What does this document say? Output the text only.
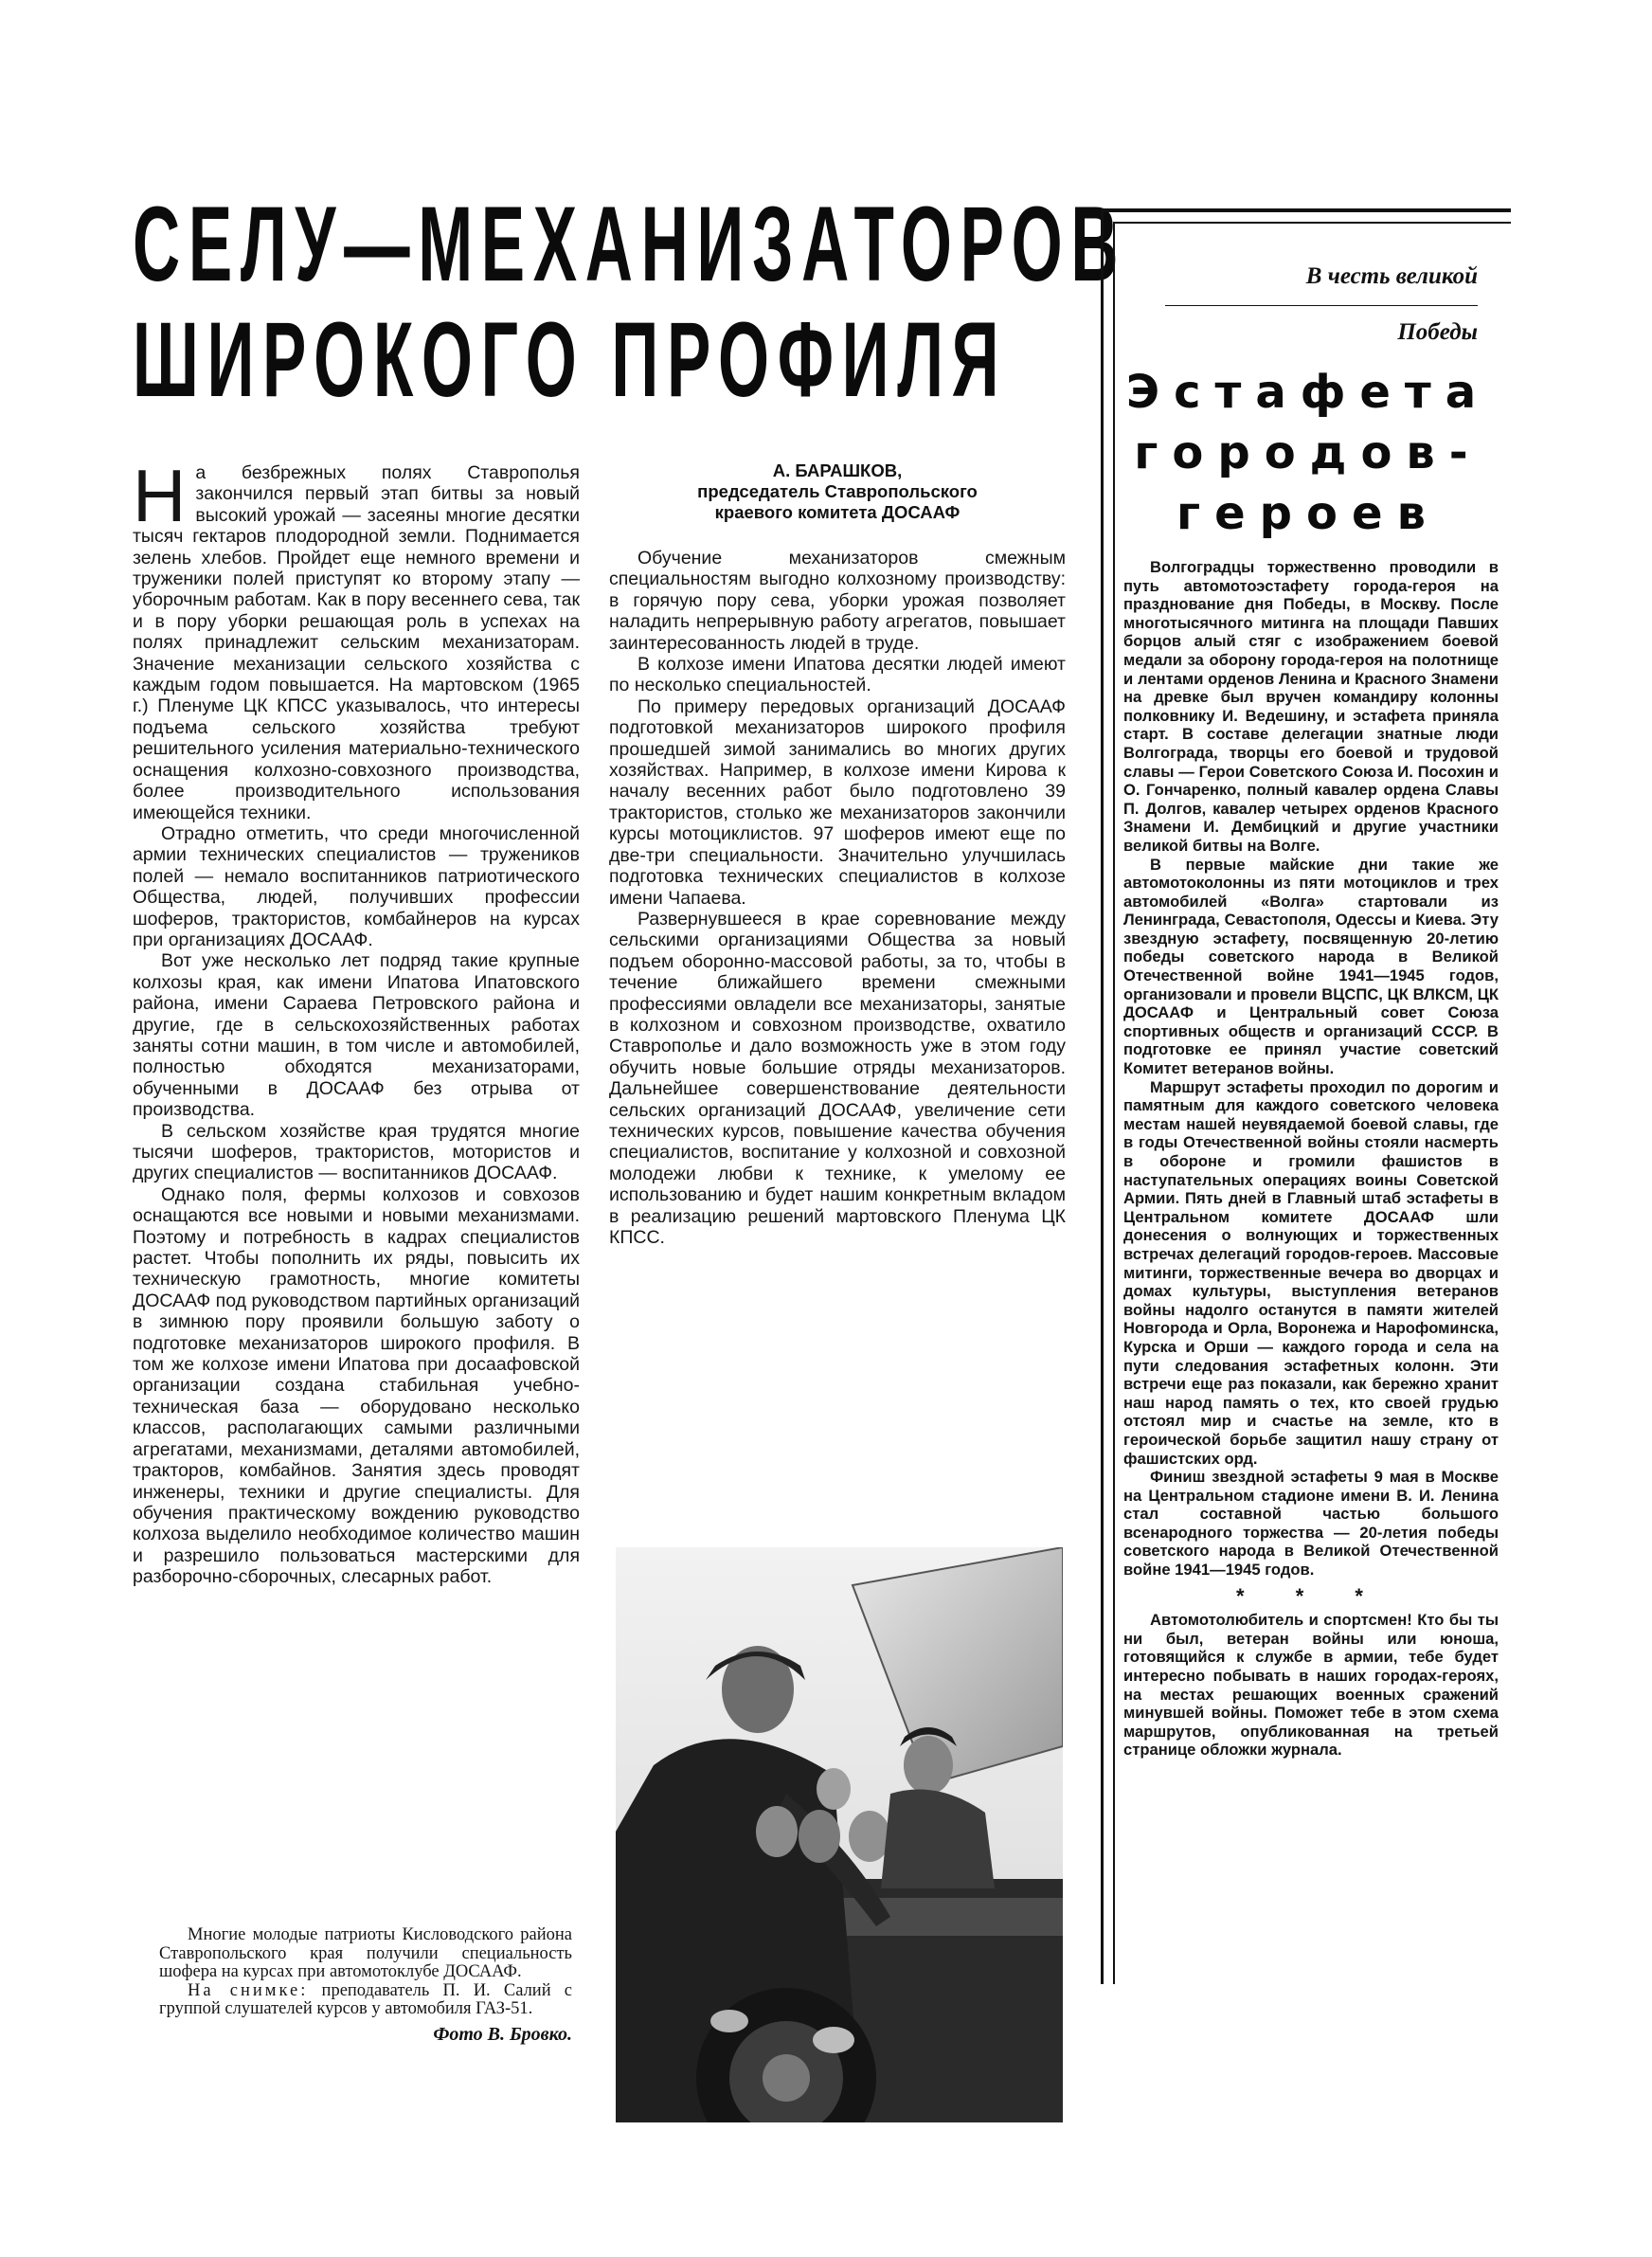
СЕЛУ—МЕХАНИЗАТОРОВ
ШИРОКОГО ПРОФИЛЯ

На безбрежных полях Ставрополья закончился первый этап битвы за новый высокий урожай — засеяны многие десятки тысяч гектаров плодородной земли. Поднимается зелень хлебов. Пройдет еще немного времени и труженики полей приступят ко второму этапу — уборочным работам. Как в пору весеннего сева, так и в пору уборки решающая роль в успехах на полях принадлежит сельским механизаторам. Значение механизации сельского хозяйства с каждым годом повышается. На мартовском (1965 г.) Пленуме ЦК КПСС указывалось, что интересы подъема сельского хозяйства требуют решительного усиления материально-технического оснащения колхозно-совхозного производства, более производительного использования имеющейся техники.

Отрадно отметить, что среди многочисленной армии технических специалистов — тружеников полей — немало воспитанников патриотического Общества, людей, получивших профессии шоферов, трактористов, комбайнеров на курсах при организациях ДОСААФ.

Вот уже несколько лет подряд такие крупные колхозы края, как имени Ипатова Ипатовского района, имени Сараева Петровского района и другие, где в сельскохозяйственных работах заняты сотни машин, в том числе и автомобилей, полностью обходятся механизаторами, обученными в ДОСААФ без отрыва от производства.

В сельском хозяйстве края трудятся многие тысячи шоферов, трактористов, мотористов и других специалистов — воспитанников ДОСААФ.

Однако поля, фермы колхозов и совхозов оснащаются все новыми и новыми механизмами. Поэтому и потребность в кадрах специалистов растет. Чтобы пополнить их ряды, повысить их техническую грамотность, многие комитеты ДОСААФ под руководством партийных организаций в зимнюю пору проявили большую заботу о подготовке механизаторов широкого профиля. В том же колхозе имени Ипатова при досаафовской организации создана стабильная учебно-техническая база — оборудовано несколько классов, располагающих самыми различными агрегатами, механизмами, деталями автомобилей, тракторов, комбайнов. Занятия здесь проводят инженеры, техники и другие специалисты. Для обучения практическому вождению руководство колхоза выделило необходимое количество машин и разрешило пользоваться мастерскими для разборочно-сборочных, слесарных работ.

А. БАРАШКОВ,
председатель Ставропольского краевого комитета ДОСААФ

Обучение механизаторов смежным специальностям выгодно колхозному производству: в горячую пору сева, уборки урожая позволяет наладить непрерывную работу агрегатов, повышает заинтересованность людей в труде.

В колхозе имени Ипатова десятки людей имеют по несколько специальностей.

По примеру передовых организаций ДОСААФ подготовкой механизаторов широкого профиля прошедшей зимой занимались во многих других хозяйствах. Например, в колхозе имени Кирова к началу весенних работ было подготовлено 39 трактористов, столько же механизаторов закончили курсы мотоциклистов. 97 шоферов имеют еще по две-три специальности. Значительно улучшилась подготовка технических специалистов в колхозе имени Чапаева.

Развернувшееся в крае соревнование между сельскими организациями Общества за новый подъем оборонно-массовой работы, за то, чтобы в течение ближайшего времени смежными профессиями овладели все механизаторы, занятые в колхозном и совхозном производстве, охватило Ставрополье и дало возможность уже в этом году обучить новые большие отряды механизаторов. Дальнейшее совершенствование деятельности сельских организаций ДОСААФ, увеличение сети технических курсов, повышение качества обучения специалистов, воспитание у колхозной и совхозной молодежи любви к технике, к умелому ее использованию и будет нашим конкретным вкладом в реализацию решений мартовского Пленума ЦК КПСС.

Многие молодые патриоты Кисловодского района Ставропольского края получили специальность шофера на курсах при автомотоклубе ДОСААФ.

На снимке: преподаватель П. И. Салий с группой слушателей курсов у автомобиля ГАЗ-51.

Фото В. Бровко.
В честь великой
Победы
Эстафета городов-героев

Волгоградцы торжественно проводили в путь автомотоэстафету города-героя на празднование дня Победы, в Москву. После многотысячного митинга на площади Павших борцов алый стяг с изображением боевой медали за оборону города-героя на полотнище и лентами орденов Ленина и Красного Знамени на древке был вручен командиру колонны полковнику И. Ведешину, и эстафета приняла старт. В составе делегации знатные люди Волгограда, творцы его боевой и трудовой славы — Герои Советского Союза И. Посохин и О. Гончаренко, полный кавалер ордена Славы П. Долгов, кавалер четырех орденов Красного Знамени И. Дембицкий и другие участники великой битвы на Волге.

В первые майские дни такие же автомотоколонны из пяти мотоциклов и трех автомобилей «Волга» стартовали из Ленинграда, Севастополя, Одессы и Киева. Эту звездную эстафету, посвященную 20-летию победы советского народа в Великой Отечественной войне 1941—1945 годов, организовали и провели ВЦСПС, ЦК ВЛКСМ, ЦК ДОСААФ и Центральный совет Союза спортивных обществ и организаций СССР. В подготовке ее принял участие советский Комитет ветеранов войны.

Маршрут эстафеты проходил по дорогим и памятным для каждого советского человека местам нашей неувядаемой боевой славы, где в годы Отечественной войны стояли насмерть в обороне и громили фашистов в наступательных операциях воины Советской Армии. Пять дней в Главный штаб эстафеты в Центральном комитете ДОСААФ шли донесения о волнующих и торжественных встречах делегаций городов-героев. Массовые митинги, торжественные вечера во дворцах и домах культуры, выступления ветеранов войны надолго останутся в памяти жителей Новгорода и Орла, Воронежа и Нарофоминска, Курска и Орши — каждого города и села на пути следования эстафетных колонн. Эти встречи еще раз показали, как бережно хранит наш народ память о тех, кто своей грудью отстоял мир и счастье на земле, кто в героической борьбе защитил нашу страну от фашистских орд.

Финиш звездной эстафеты 9 мая в Москве на Центральном стадионе имени В. И. Ленина стал составной частью большого всенародного торжества — 20-летия победы советского народа в Великой Отечественной войне 1941—1945 годов.

* * *

Автомотолюбитель и спортсмен! Кто бы ты ни был, ветеран войны или юноша, готовящийся к службе в армии, тебе будет интересно побывать в наших городах-героях, на местах решающих военных сражений минувшей войны. Поможет тебе в этом схема маршрутов, опубликованная на третьей странице обложки журнала.
